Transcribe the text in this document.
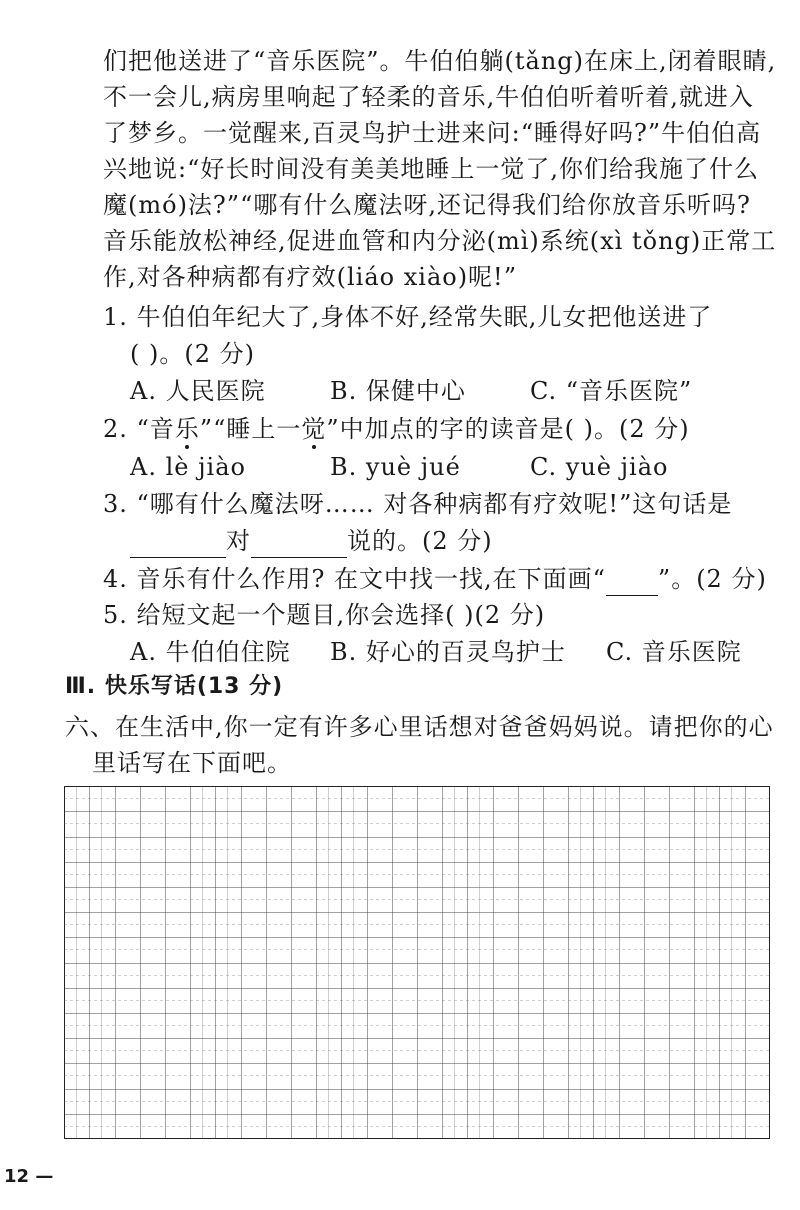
们把他送进了“音乐医院”。牛伯伯躺(tǎng)在床上,闭着眼睛,
不一会儿,病房里响起了轻柔的音乐,牛伯伯听着听着,就进入
了梦乡。一觉醒来,百灵鸟护士进来问:“睡得好吗?”牛伯伯高
兴地说:“好长时间没有美美地睡上一觉了,你们给我施了什么
魔(mó)法?”“哪有什么魔法呀,还记得我们给你放音乐听吗?
音乐能放松神经,促进血管和内分泌(mì)系统(xì tǒng)正常工
作,对各种病都有疗效(liáo xiào)呢!”
1. 牛伯伯年纪大了,身体不好,经常失眠,儿女把他送进了
( )。(2 分)
A. 人民医院	B. 保健中心	C. “音乐医院”
2. “音乐”“睡上一觉”中加点的字的读音是( )。(2 分)
A. lè jiào	B. yuè jué	C. yuè jiào
3. “哪有什么魔法呀…… 对各种病都有疗效呢!”这句话是
对	说的。(2 分)
4. 音乐有什么作用? 在文中找一找,在下面画“ ”。(2 分)
5. 给短文起一个题目,你会选择( )(2 分)
A. 牛伯伯住院 B. 好心的百灵鸟护士 C. 音乐医院
Ⅲ. 快乐写话(13 分)
六、在生活中,你一定有许多心里话想对爸爸妈妈说。请把你的心
里话写在下面吧。
12 —
